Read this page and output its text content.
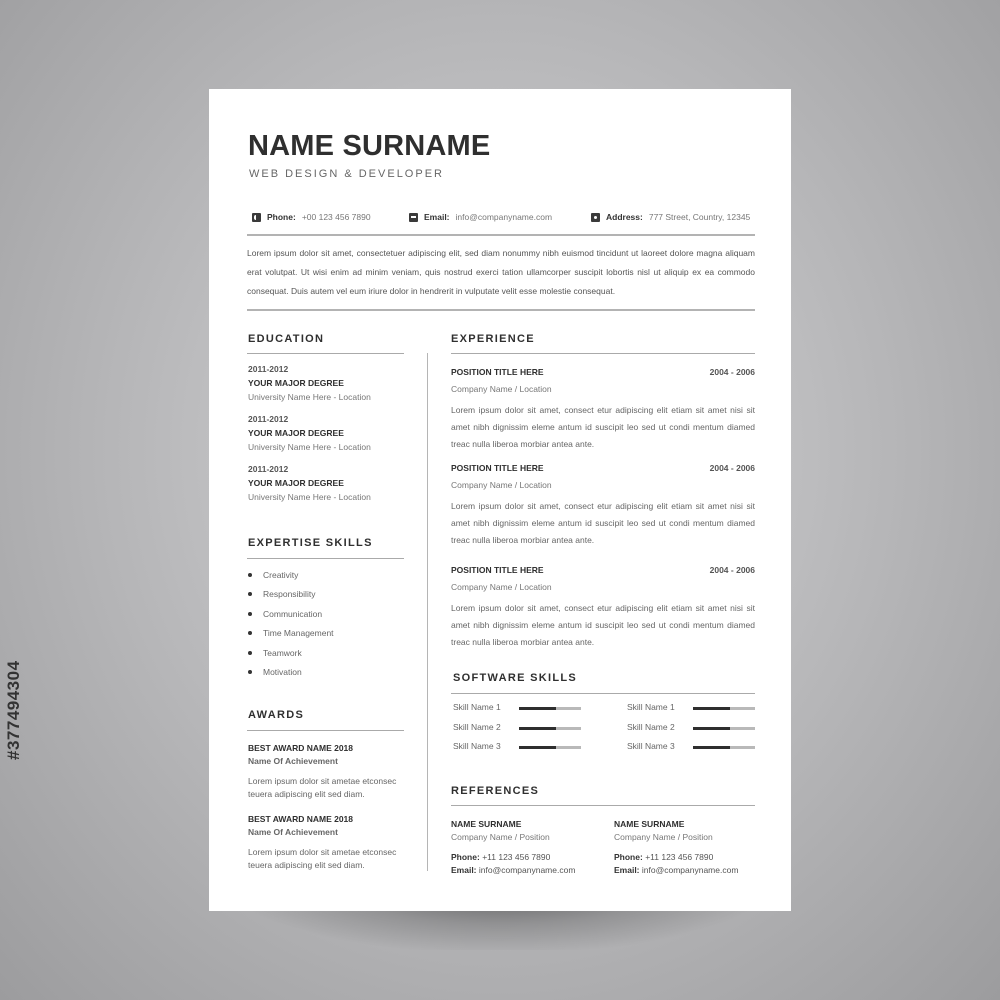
NAME SURNAME
WEB DESIGN & DEVELOPER
Phone: +00 123 456 7890	Email: info@companyname.com	Address: 777 Street, Country, 12345
Lorem ipsum dolor sit amet, consectetuer adipiscing elit, sed diam nonummy nibh euismod tincidunt ut laoreet dolore magna aliquam erat volutpat. Ut wisi enim ad minim veniam, quis nostrud exerci tation ullamcorper suscipit lobortis nisl ut aliquip ex ea commodo consequat. Duis autem vel eum iriure dolor in hendrerit in vulputate velit esse molestie consequat.
EDUCATION
2011-2012
YOUR MAJOR DEGREE
University Name Here - Location
2011-2012
YOUR MAJOR DEGREE
University Name Here - Location
2011-2012
YOUR MAJOR DEGREE
University Name Here - Location
EXPERTISE SKILLS
Creativity
Responsibility
Communication
Time Management
Teamwork
Motivation
AWARDS
BEST AWARD NAME 2018
Name Of Achievement
Lorem ipsum dolor sit ametae etconsec teuera adipiscing elit sed diam.
BEST AWARD NAME 2018
Name Of Achievement
Lorem ipsum dolor sit ametae etconsec teuera adipiscing elit sed diam.
EXPERIENCE
POSITION TITLE HERE	2004 - 2006
Company Name / Location
Lorem ipsum dolor sit amet, consect etur adipiscing elit etiam sit amet nisi sit amet nibh dignissim eleme antum id suscipit leo sed ut condi mentum diamed treac nulla liberoa morbiar antea ante.
POSITION TITLE HERE	2004 - 2006
Company Name / Location
Lorem ipsum dolor sit amet, consect etur adipiscing elit etiam sit amet nisi sit amet nibh dignissim eleme antum id suscipit leo sed ut condi mentum diamed treac nulla liberoa morbiar antea ante.
POSITION TITLE HERE	2004 - 2006
Company Name / Location
Lorem ipsum dolor sit amet, consect etur adipiscing elit etiam sit amet nisi sit amet nibh dignissim eleme antum id suscipit leo sed ut condi mentum diamed treac nulla liberoa morbiar antea ante.
SOFTWARE SKILLS
Skill Name 1
Skill Name 2
Skill Name 3
Skill Name 1
Skill Name 2
Skill Name 3
REFERENCES
NAME SURNAME
Company Name / Position
Phone: +11 123 456 7890
Email: info@companyname.com
NAME SURNAME
Company Name / Position
Phone: +11 123 456 7890
Email: info@companyname.com
#377494304
